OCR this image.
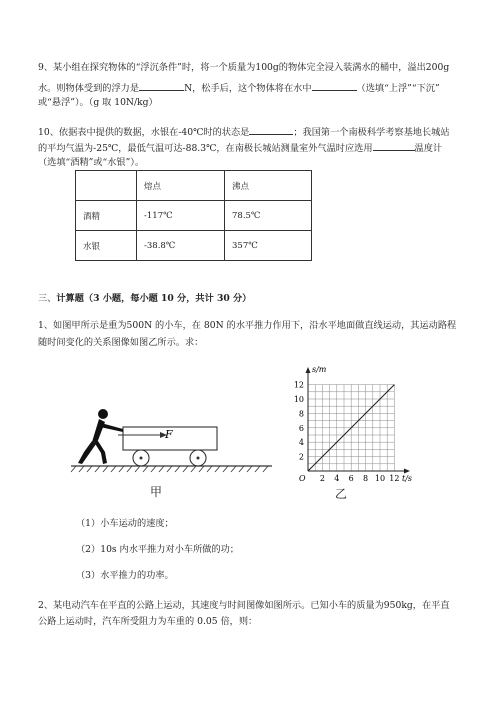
9、某小组在探究物体的“浮沉条件”时，将一个质量为100g的物体完全浸入装满水的桶中，溢出200g
水。则物体受到的浮力是	N，松手后，这个物体将在水中	（选填“上浮”“下沉”
或“悬浮”）。（g 取 10N/kg）
10、依据表中提供的数据，水银在-40℃时的状态是	；我国第一个南极科学考察基地长城站
的平均气温为-25℃，最低气温可达-88.3℃，在南极长城站测量室外气温时应选用	温度计
（选填“酒精”或“水银”）。
	熔点	沸点
酒精	-117℃	78.5℃
水银	-38.8℃	357℃
三、计算题（3 小题，每小题 10 分，共计 30 分）
1、如图甲所示是重为500N 的小车，在 80N 的水平推力作用下，沿水平地面做直线运动，其运动路程
随时间变化的关系图像如图乙所示。求：
F
甲
2 4 6 8 10 12
2
4
6
8
10
12
O	t/s
s/m
乙
（1）小车运动的速度；
（2）10s 内水平推力对小车所做的功；
（3）水平推力的功率。
2、某电动汽车在平直的公路上运动，其速度与时间图像如图所示。已知小车的质量为950kg，在平直
公路上运动时，汽车所受阻力为车重的 0.05 倍，则：
